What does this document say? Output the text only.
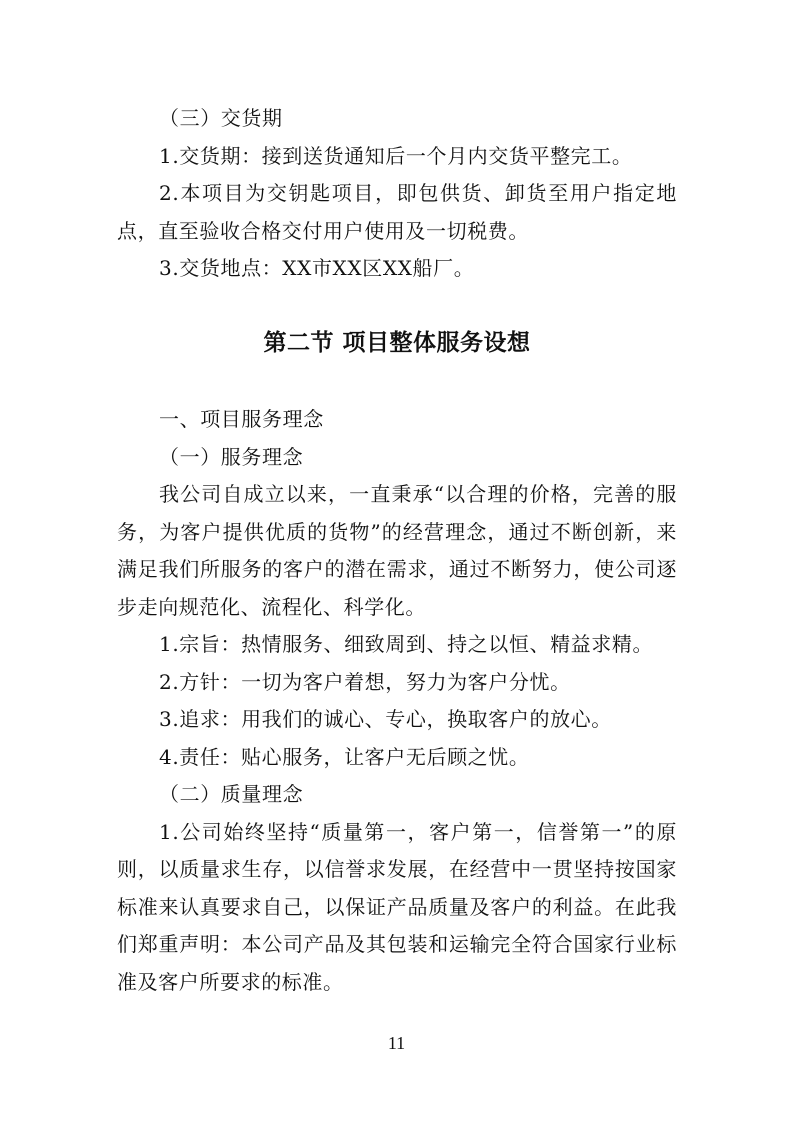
（三）交货期

1.交货期：接到送货通知后一个月内交货平整完工。

2.本项目为交钥匙项目，即包供货、卸货至用户指定地点，直至验收合格交付用户使用及一切税费。

3.交货地点：XX市XX区XX船厂。

第二节 项目整体服务设想

一、项目服务理念

（一）服务理念

我公司自成立以来，一直秉承“以合理的价格，完善的服务，为客户提供优质的货物”的经营理念，通过不断创新，来满足我们所服务的客户的潜在需求，通过不断努力，使公司逐步走向规范化、流程化、科学化。

1.宗旨：热情服务、细致周到、持之以恒、精益求精。

2.方针：一切为客户着想，努力为客户分忧。

3.追求：用我们的诚心、专心，换取客户的放心。

4.责任：贴心服务，让客户无后顾之忧。

（二）质量理念

1.公司始终坚持“质量第一，客户第一，信誉第一”的原则，以质量求生存，以信誉求发展，在经营中一贯坚持按国家标准来认真要求自己，以保证产品质量及客户的利益。在此我们郑重声明：本公司产品及其包装和运输完全符合国家行业标准及客户所要求的标准。

11
